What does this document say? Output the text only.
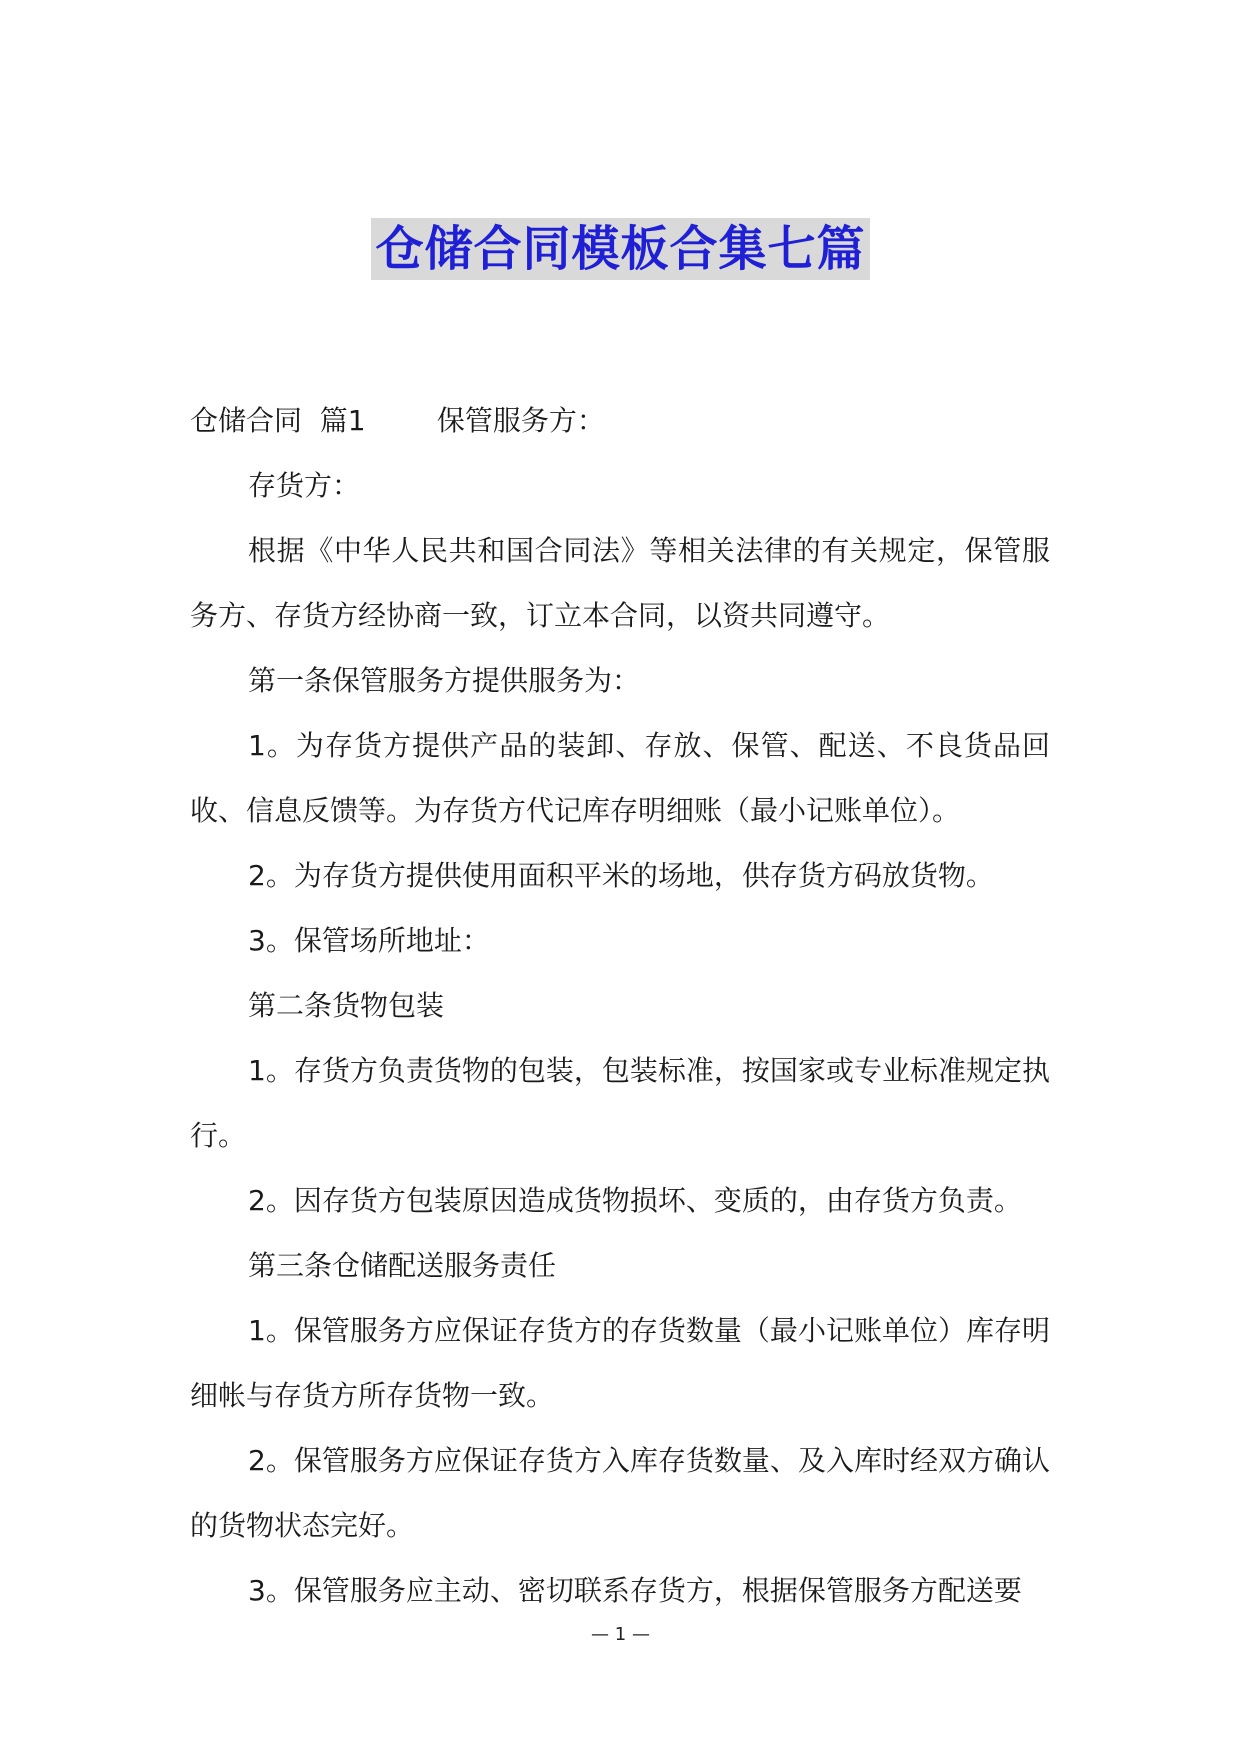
仓储合同模板合集七篇

仓储合同  篇1        保管服务方：

存货方：

根据《中华人民共和国合同法》等相关法律的有关规定，保管服务方、存货方经协商一致，订立本合同，以资共同遵守。

第一条保管服务方提供服务为：

1。为存货方提供产品的装卸、存放、保管、配送、不良货品回收、信息反馈等。为存货方代记库存明细账（最小记账单位）。

2。为存货方提供使用面积平米的场地，供存货方码放货物。

3。保管场所地址：

第二条货物包装

1。存货方负责货物的包装，包装标准，按国家或专业标准规定执行。

2。因存货方包装原因造成货物损坏、变质的，由存货方负责。

第三条仓储配送服务责任

1。保管服务方应保证存货方的存货数量（最小记账单位）库存明细帐与存货方所存货物一致。

2。保管服务方应保证存货方入库存货数量、及入库时经双方确认的货物状态完好。

3。保管服务应主动、密切联系存货方，根据保管服务方配送要

— 1 —
